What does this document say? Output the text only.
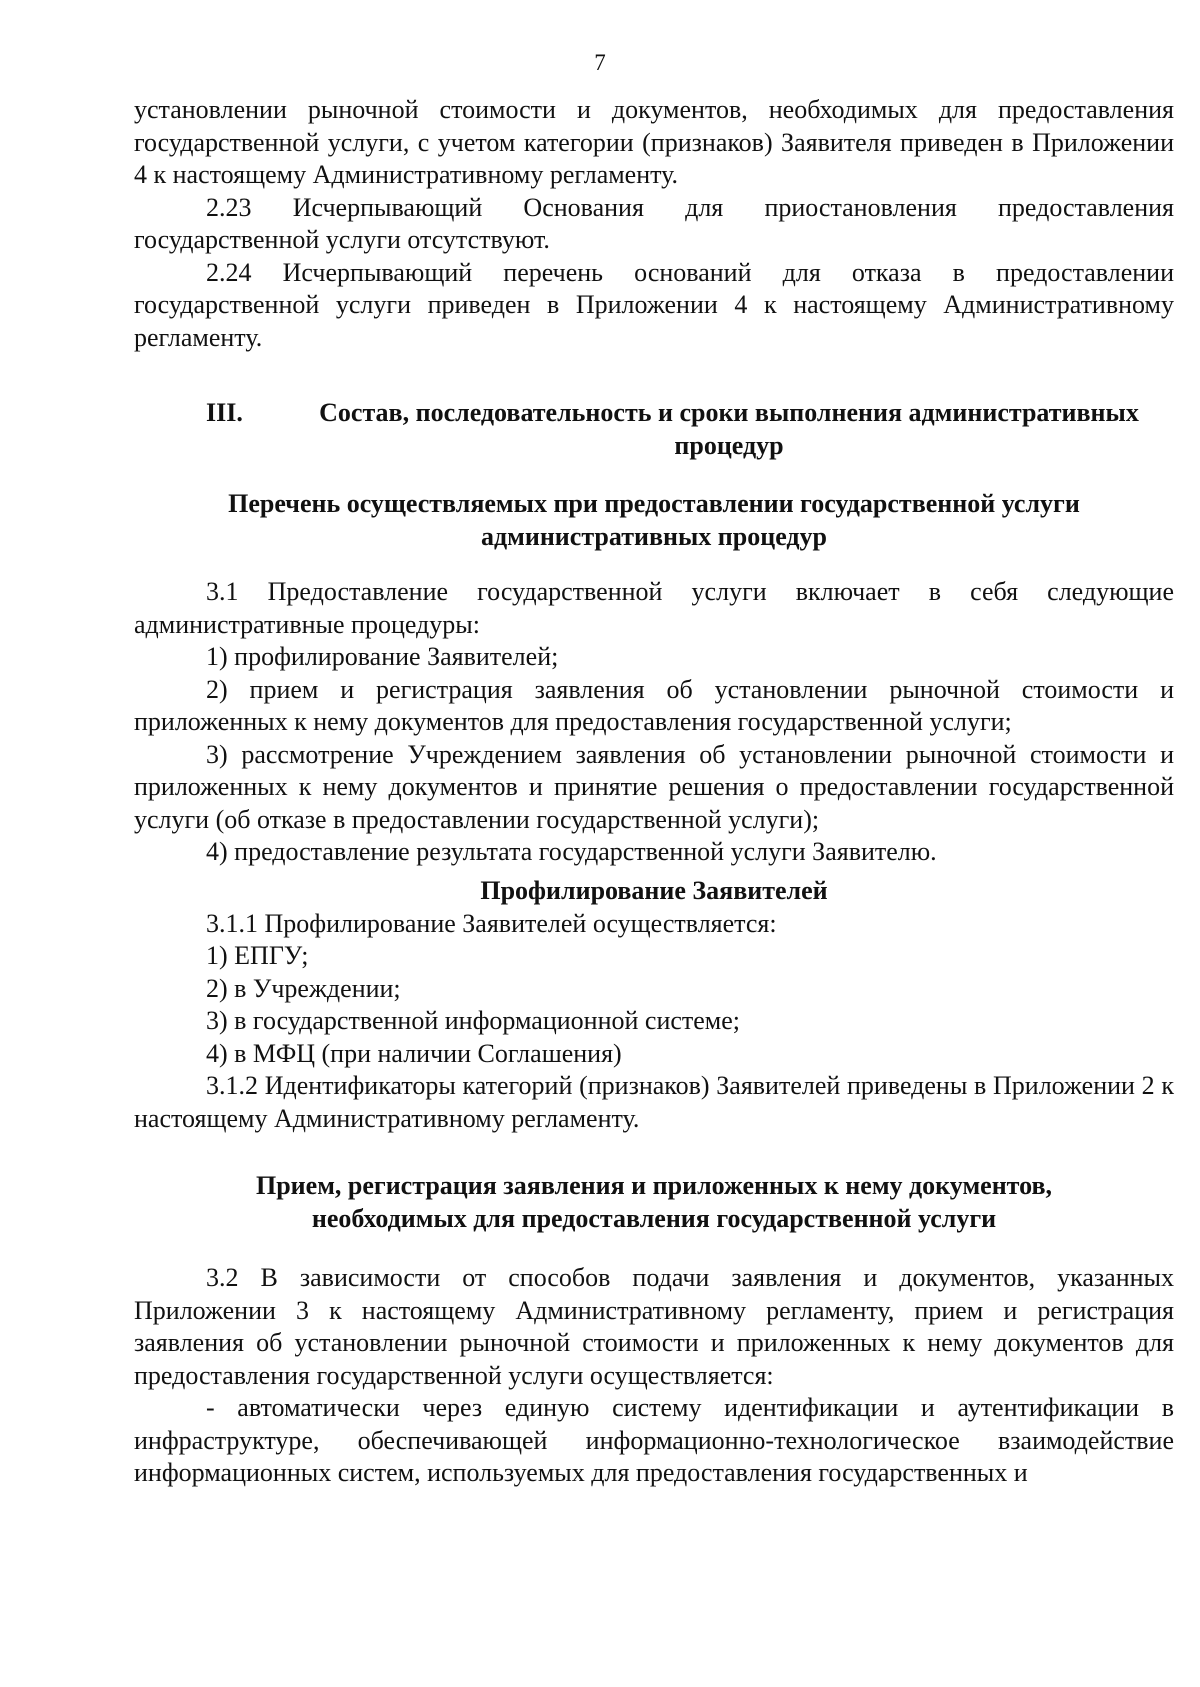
7

установлении рыночной стоимости и документов, необходимых для предоставления государственной услуги, с учетом категории (признаков) Заявителя приведен в Приложении 4 к настоящему Административному регламенту.

2.23 Исчерпывающий Основания для приостановления предоставления государственной услуги отсутствуют.

2.24 Исчерпывающий перечень оснований для отказа в предоставлении государственной услуги приведен в Приложении 4 к настоящему Административному регламенту.

III.	Состав, последовательность и сроки выполнения административных процедур

Перечень осуществляемых при предоставлении государственной услуги административных процедур

3.1 Предоставление государственной услуги включает в себя следующие административные процедуры:

1) профилирование Заявителей;

2) прием и регистрация заявления об установлении рыночной стоимости и приложенных к нему документов для предоставления государственной услуги;

3) рассмотрение Учреждением заявления об установлении рыночной стоимости и приложенных к нему документов и принятие решения о предоставлении государственной услуги (об отказе в предоставлении государственной услуги);

4) предоставление результата государственной услуги Заявителю.

Профилирование Заявителей

3.1.1 Профилирование Заявителей осуществляется:

1) ЕПГУ;

2) в Учреждении;

3) в государственной информационной системе;

4) в МФЦ (при наличии Соглашения)

3.1.2 Идентификаторы категорий (признаков) Заявителей приведены в Приложении 2 к настоящему Административному регламенту.

Прием, регистрация заявления и приложенных к нему документов,

необходимых для предоставления государственной услуги

3.2 В зависимости от способов подачи заявления и документов, указанных Приложении 3 к настоящему Административному регламенту, прием и регистрация заявления об установлении рыночной стоимости и приложенных к нему документов для предоставления государственной услуги осуществляется:

- автоматически через единую систему идентификации и аутентификации в инфраструктуре, обеспечивающей информационно-технологическое взаимодействие информационных систем, используемых для предоставления государственных и
